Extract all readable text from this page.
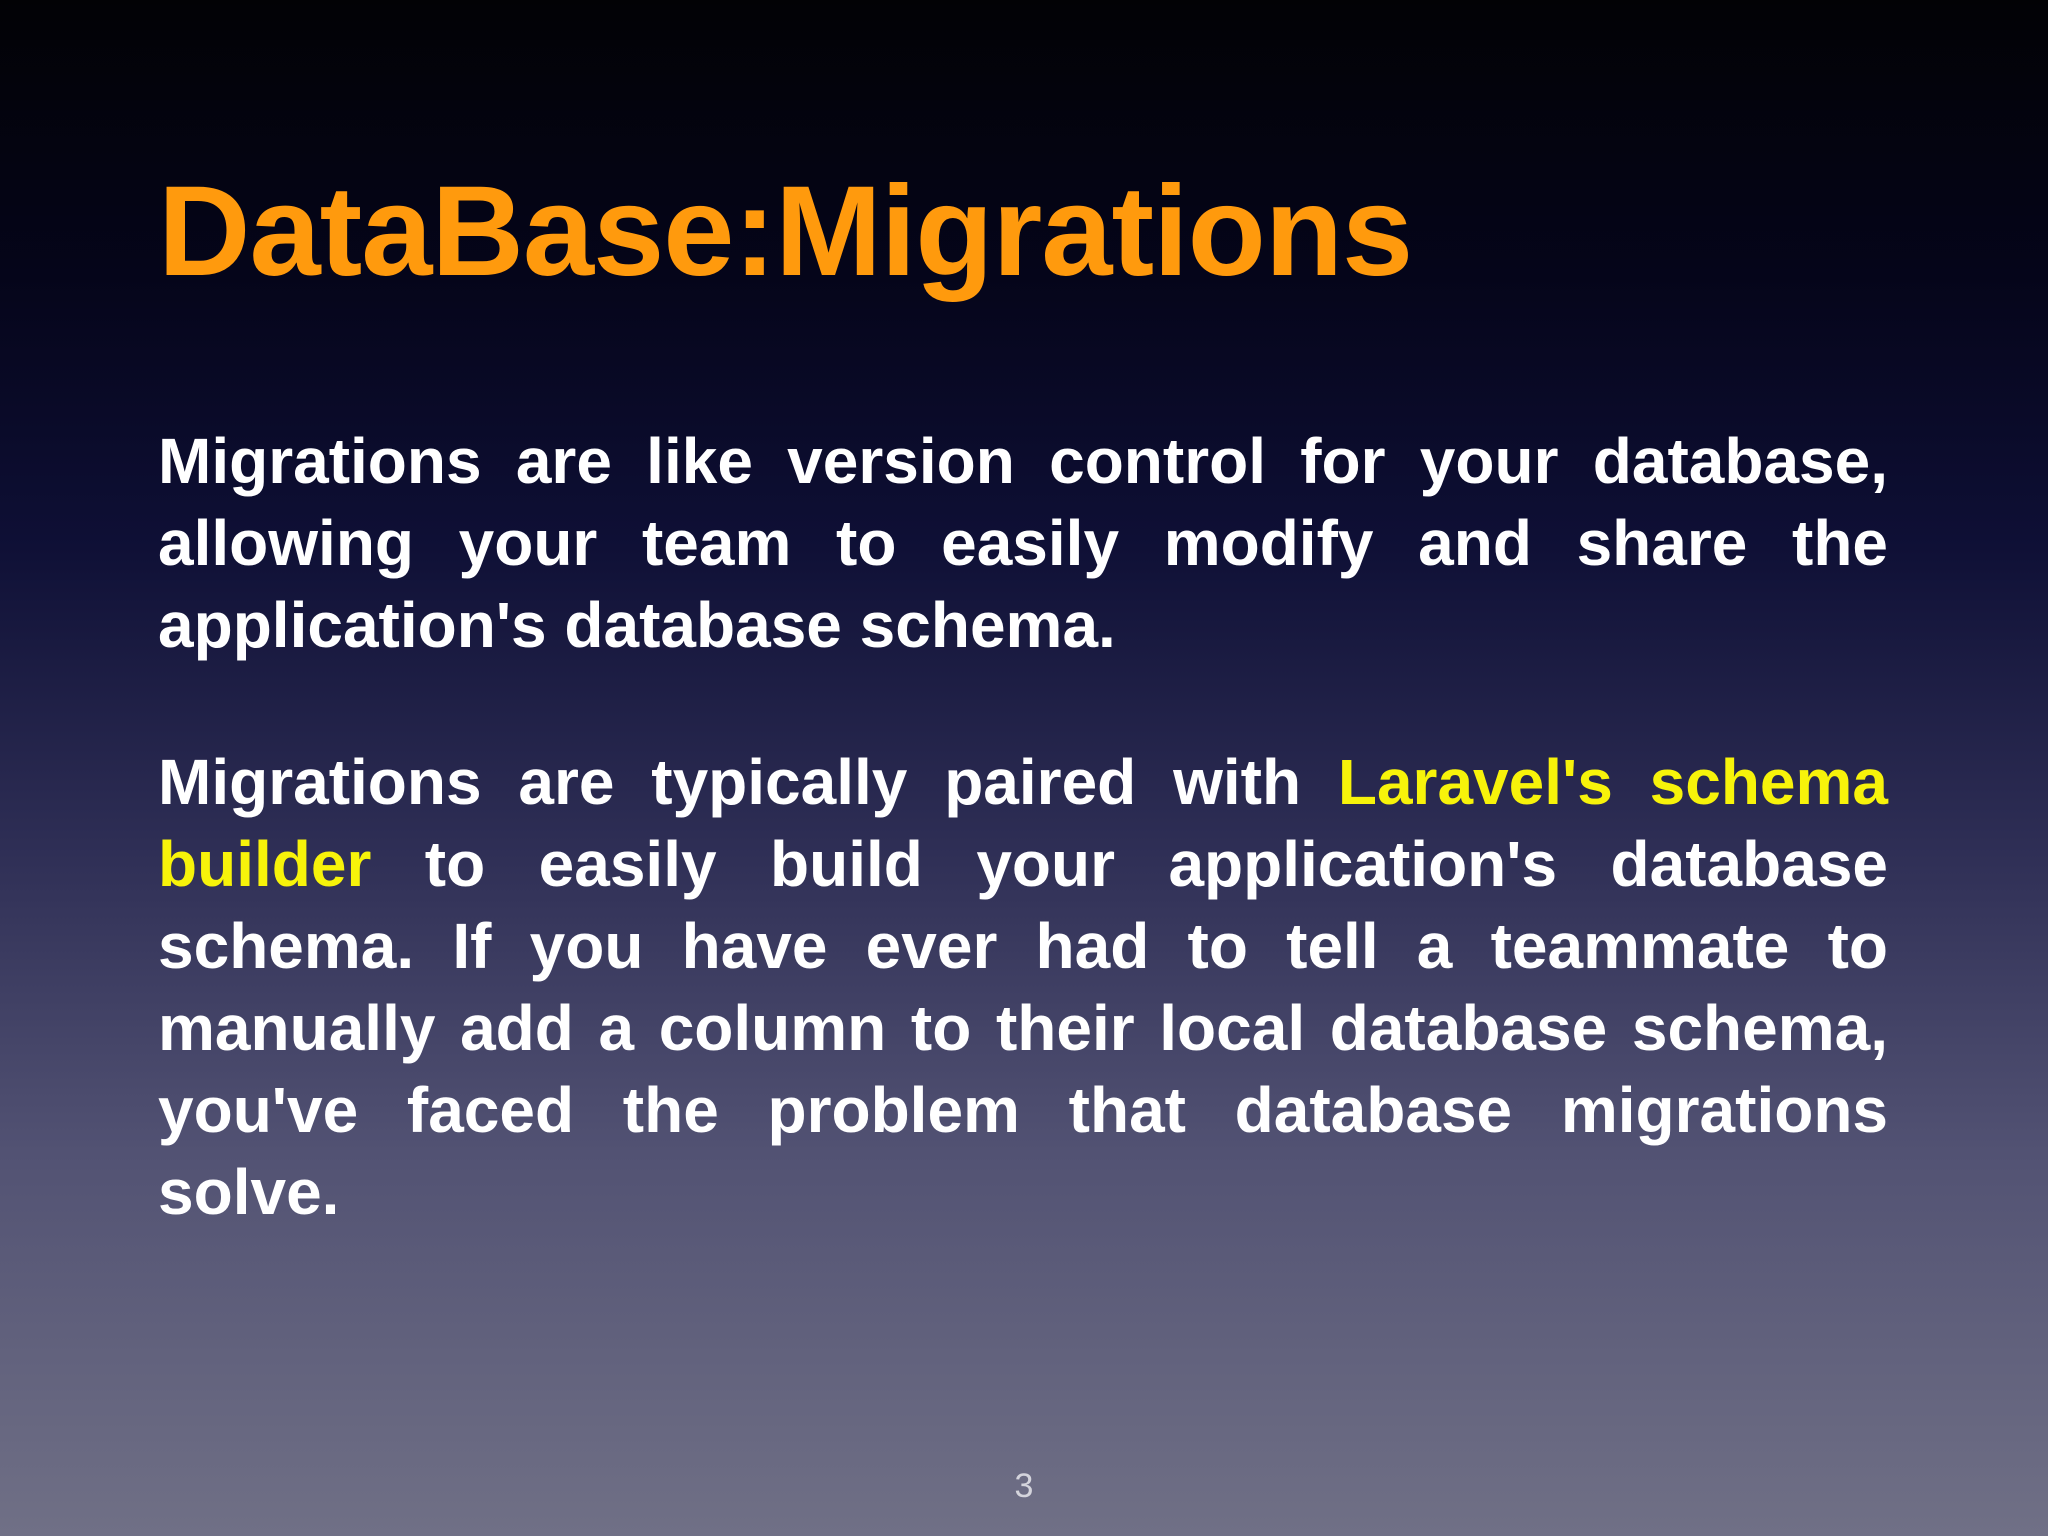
DataBase:Migrations

Migrations are like version control for your database, allowing your team to easily modify and share the application's database schema.

Migrations are typically paired with Laravel's schema builder to easily build your application's database schema. If you have ever had to tell a teammate to manually add a column to their local database schema, you've faced the problem that database migrations solve.

3
